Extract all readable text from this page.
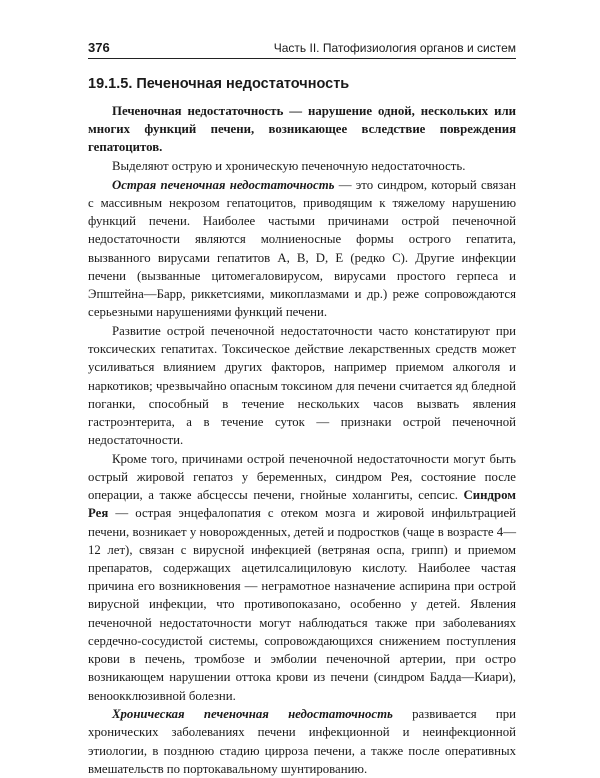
376	Часть II. Патофизиология органов и систем
19.1.5. Печеночная недостаточность

Печеночная недостаточность — нарушение одной, нескольких или многих функций печени, возникающее вследствие повреждения гепатоцитов.

Выделяют острую и хроническую печеночную недостаточность.

Острая печеночная недостаточность — это синдром, который связан с массивным некрозом гепатоцитов, приводящим к тяжелому нарушению функций печени. Наиболее частыми причинами острой печеночной недостаточности являются молниеносные формы острого гепатита, вызванного вирусами гепатитов A, B, D, E (редко C). Другие инфекции печени (вызванные цитомегаловирусом, вирусами простого герпеса и Эпштейна—Барр, риккетсиями, микоплазмами и др.) реже сопровождаются серьезными нарушениями функций печени.

Развитие острой печеночной недостаточности часто констатируют при токсических гепатитах. Токсическое действие лекарственных средств может усиливаться влиянием других факторов, например приемом алкоголя и наркотиков; чрезвычайно опасным токсином для печени считается яд бледной поганки, способный в течение нескольких часов вызвать явления гастроэнтерита, а в течение суток — признаки острой печеночной недостаточности.

Кроме того, причинами острой печеночной недостаточности могут быть острый жировой гепатоз у беременных, синдром Рея, состояние после операции, а также абсцессы печени, гнойные холангиты, сепсис. Синдром Рея — острая энцефалопатия с отеком мозга и жировой инфильтрацией печени, возникает у новорожденных, детей и подростков (чаще в возрасте 4—12 лет), связан с вирусной инфекцией (ветряная оспа, грипп) и приемом препаратов, содержащих ацетилсалициловую кислоту. Наиболее частая причина его возникновения — неграмотное назначение аспирина при острой вирусной инфекции, что противопоказано, особенно у детей. Явления печеночной недостаточности могут наблюдаться также при заболеваниях сердечно-сосудистой системы, сопровождающихся снижением поступления крови в печень, тромбозе и эмболии печеночной артерии, при остро возникающем нарушении оттока крови из печени (синдром Бадда—Киари), веноокклюзивной болезни.

Хроническая печеночная недостаточность развивается при хронических заболеваниях печени инфекционной и неинфекционной этиологии, в позднюю стадию цирроза печени, а также после оперативных вмешательств по портокавальному шунтированию.
